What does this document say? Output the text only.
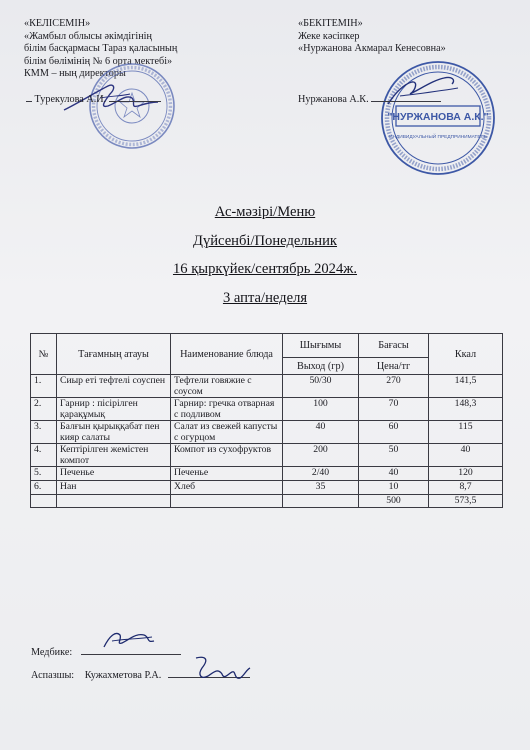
«КЕЛІСЕМІН»
«Жамбыл облысы әкімдігінің
білім басқармасы Тараз қаласының
білім бөлімінің № 6 орта мектебі»
КММ – ның директоры
«БЕКІТЕМІН»
Жеке кәсіпкер
«Нуржанова Акмарал Кенесовна»
Турекулова А.И.
"НУРЖАНОВА А.К."
ИНДИВИДУАЛЬНЫЙ ПРЕДПРИНИМАТЕЛЬ
Нуржанова А.К.
Ас-мәзірі/Меню
Дүйсенбі/Понедельник
16 қыркүйек/сентябрь 2024ж.
3 апта/неделя
№	Тағамның атауы	Наименование блюда	Шығымы	Бағасы	Ккал
			Выход (гр)	Цена/тг	
1.	Сиыр еті тефтелі соуспен	Тефтели говяжие с соусом	50/30	270	141,5
2.	Гарнир : пісірілген қарақұмық	Гарнир: гречка отварная с подливом	100	70	148,3
3.	Балғын қырыққабат пен кияр салаты	Салат из свежей капусты с огурцом	40	60	115
4.	Кептірілген жемістен компот	Компот из сухофруктов	200	50	40
5.	Печенье	Печенье	2/40	40	120
6.	Нан	Хлеб	35	10	8,7
				500	573,5
Медбике:
Аспазшы: Кужахметова Р.А.
